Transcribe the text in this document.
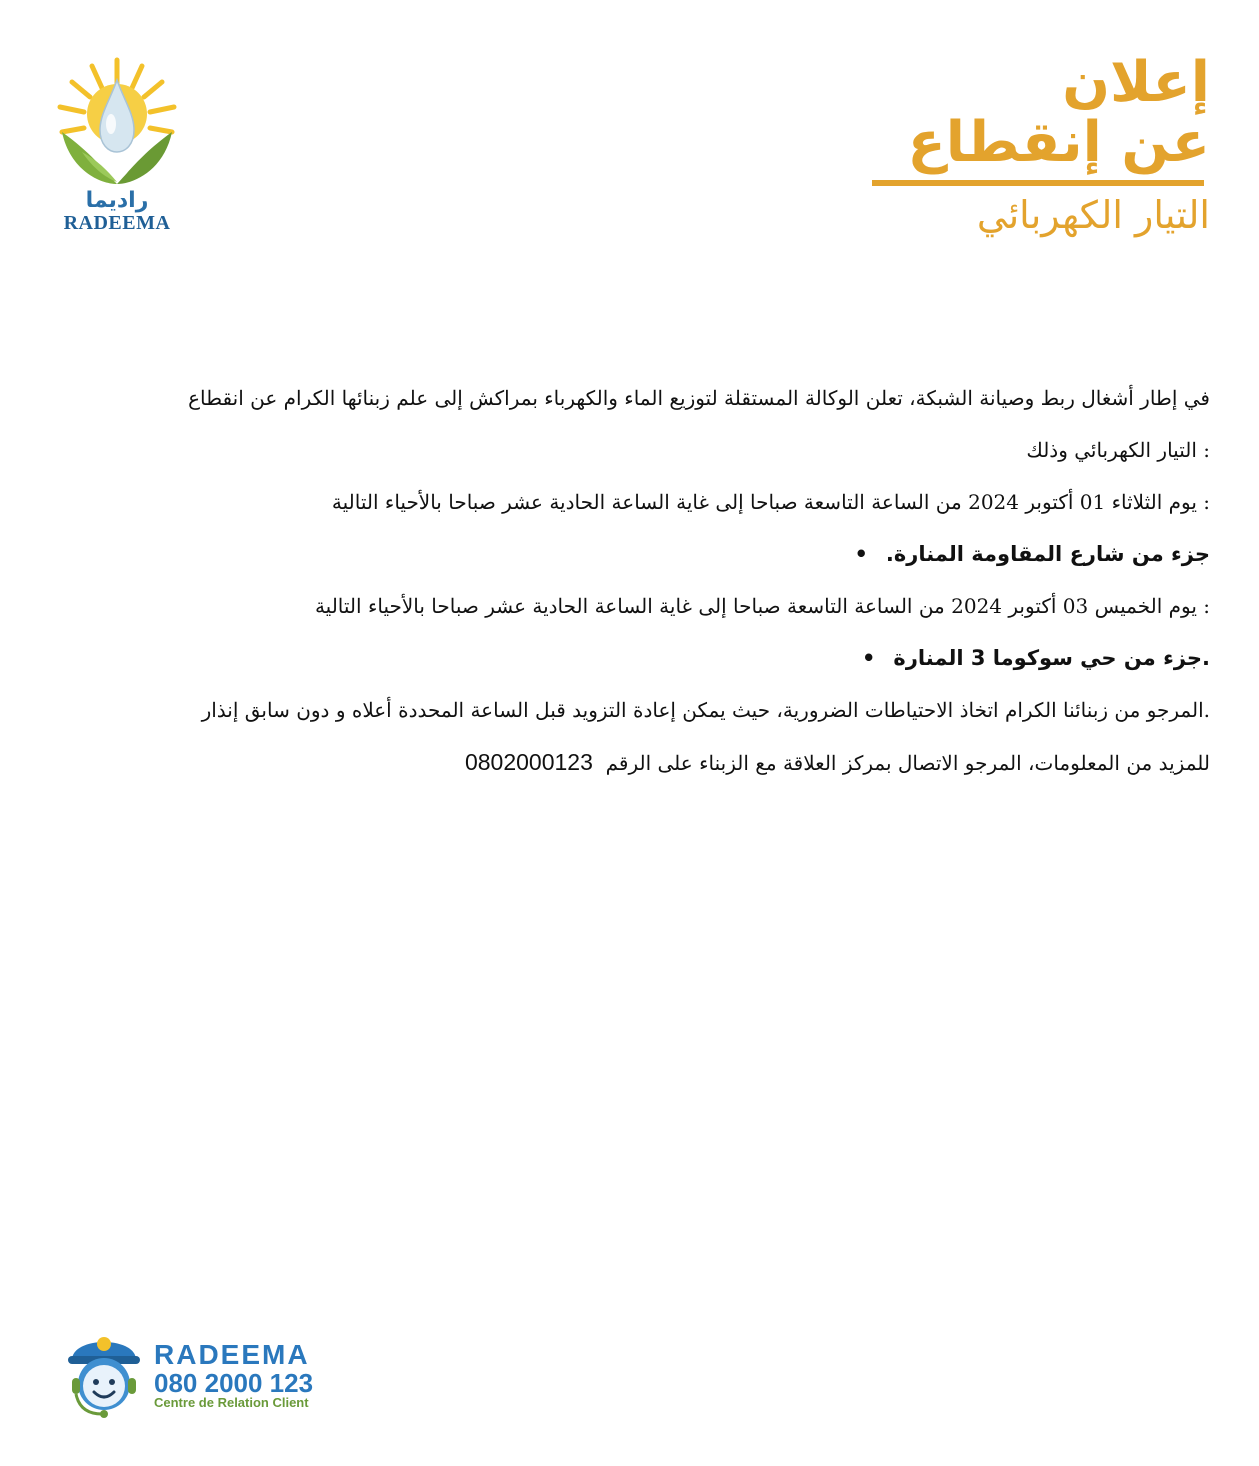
راديما
RADEEMA
إعلان
عن إنقطاع
التيار الكهربائي
في إطار أشغال ربط وصيانة الشبكة، تعلن الوكالة المستقلة لتوزيع الماء والكهرباء بمراكش إلى علم زبنائها الكرام عن انقطاع
: التيار الكهربائي وذلك
: يوم الثلاثاء 01 أكتوبر 2024 من الساعة التاسعة صباحا إلى غاية الساعة الحادية عشر صباحا بالأحياء التالية
جزء من شارع المقاومة المنارة.•
: يوم الخميس 03 أكتوبر 2024 من الساعة التاسعة صباحا إلى غاية الساعة الحادية عشر صباحا بالأحياء التالية
.جزء من حي سوكوما 3 المنارة•
.المرجو من زبنائنا الكرام اتخاذ الاحتياطات الضرورية، حيث يمكن إعادة التزويد قبل الساعة المحددة أعلاه و دون سابق إنذار
للمزيد من المعلومات، المرجو الاتصال بمركز العلاقة مع الزبناء على الرقم  0802000123
RADEEMA
080 2000 123
Centre de Relation Client
